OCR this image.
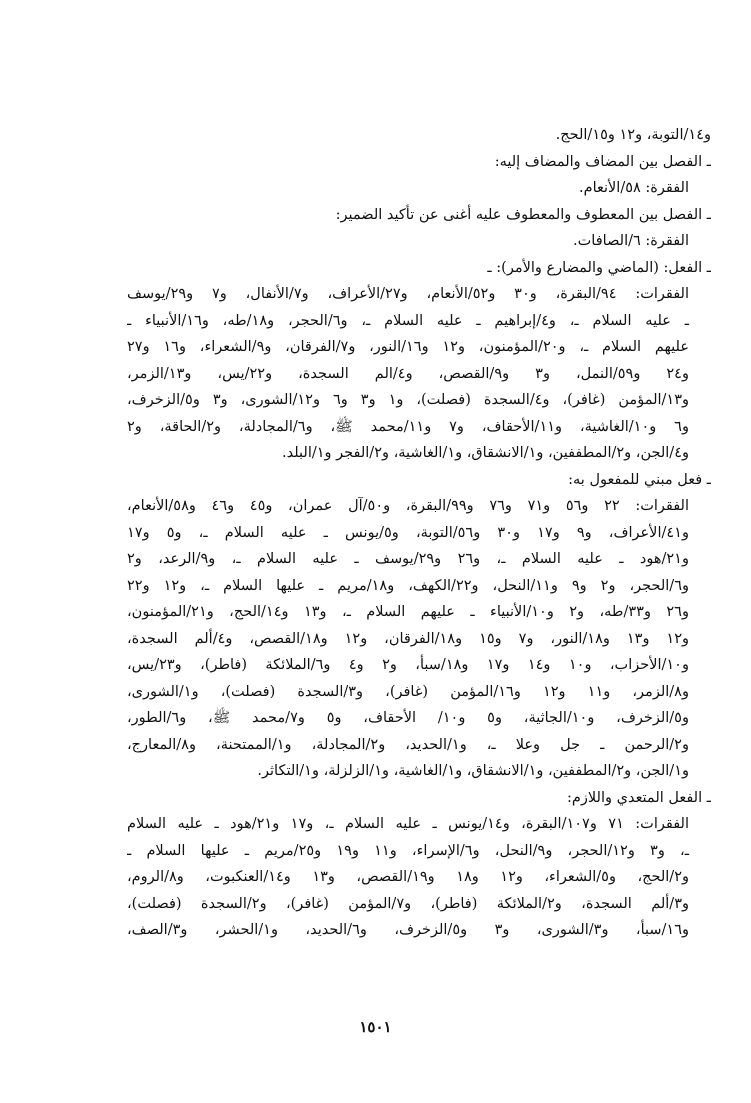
و١٤/التوبة، و١٢ و١٥/الحج.
ـ الفصل بين المضاف والمضاف إليه:
الفقرة: ٥٨/الأنعام.
ـ الفصل بين المعطوف والمعطوف عليه أغنى عن تأكيد الضمير:
الفقرة: ٦/الصافات.
ـ الفعل: (الماضي والمضارع والأمر): ـ
الفقرات: ٩٤/البقرة، و٣٠ و٥٢/الأنعام، و٢٧/الأعراف، و٧/الأنفال، و٧ و٢٩/يوسف
ـ عليه السلام ـ، و٤/إبراهيم ـ عليه السلام ـ، و٦/الحجر، و١٨/طه، و١٦/الأنبياء ـ
عليهم السلام ـ، و٢٠/المؤمنون، و١٢ و١٦/النور، و٧/الفرقان، و٩/الشعراء، و١٦ و٢٧
و٢٤ و٥٩/النمل، و٣ و٩/القصص، و٤/الم السجدة، و٢٢/يس، و١٣/الزمر،
و١٣/المؤمن (غافر)، و٤/السجدة (فصلت)، و١ و٣ و٦ و١٢/الشورى، و٣ و٥/الزخرف،
و٦ و١٠/الغاشية، و١١/الأحقاف، و٧ و١١/محمد ﷺ، و٦/المجادلة، و٢/الحاقة، و٢
و٤/الجن، و٢/المطففين، و١/الانشقاق، و١/الغاشية، و٢/الفجر و١/البلد.
ـ فعل مبني للمفعول به:
الفقرات: ٢٢ و٥٦ و٧١ و٧٦ و٩٩/البقرة، و٥٠/آل عمران، و٤٥ و٤٦ و٥٨/الأنعام،
و٤١/الأعراف، و٩ و١٧ و٣٠ و٥٦/التوبة، و٥/يونس ـ عليه السلام ـ، و٥ و١٧
و٢١/هود ـ عليه السلام ـ، و٢٦ و٢٩/يوسف ـ عليه السلام ـ، و٩/الرعد، و٢
و٦/الحجر، و٢ و٩ و١١/النحل، و٢٢/الكهف، و١٨/مريم ـ عليها السلام ـ، و١٢ و٢٢
و٢٦ و٣٣/طه، و٢ و١٠/الأنبياء ـ عليهم السلام ـ، و١٣ و١٤/الحج، و٢١/المؤمنون،
و١٢ و١٣ و١٨/النور، و٧ و١٥ و١٨/الفرقان، و١٢ و١٨/القصص، و٤/ألم السجدة،
و١٠/الأحزاب، و١٠ و١٤ و١٧ و١٨/سبأ، و٢ و٤ و٦/الملائكة (فاطر)، و٢٣/يس،
و٨/الزمر، و١١ و١٢ و١٦/المؤمن (غافر)، و٣/السجدة (فصلت)، و١/الشورى،
و٥/الزخرف، و١٠/الجاثية، و٥ و١٠/ الأحقاف، و٥ و٧/محمد ﷺ، و٦/الطور،
و٢/الرحمن ـ جل وعلا ـ، و١/الحديد، و٢/المجادلة، و١/الممتحنة، و٨/المعارج،
و١/الجن، و٢/المطففين، و١/الانشقاق، و١/الغاشية، و١/الزلزلة، و١/التكاثر.
ـ الفعل المتعدي واللازم:
الفقرات: ٧١ و١٠٧/البقرة، و١٤/يونس ـ عليه السلام ـ، و١٧ و٢١/هود ـ عليه السلام
ـ، و٣ و١٢/الحجر، و٩/النحل، و٦/الإسراء، و١١ و١٩ و٢٥/مريم ـ عليها السلام ـ
و٢/الحج، و٥/الشعراء، و١٢ و١٨ و١٩/القصص، و١٣ و١٤/العنكبوت، و٨/الروم،
و٣/ألم السجدة، و٢/الملائكة (فاطر)، و٧/المؤمن (غافر)، و٢/السجدة (فصلت)،
و١٦/سبأ، و٣/الشورى، و٣ و٥/الزخرف، و٦/الحديد، و١/الحشر، و٣/الصف،
١٥٠١
